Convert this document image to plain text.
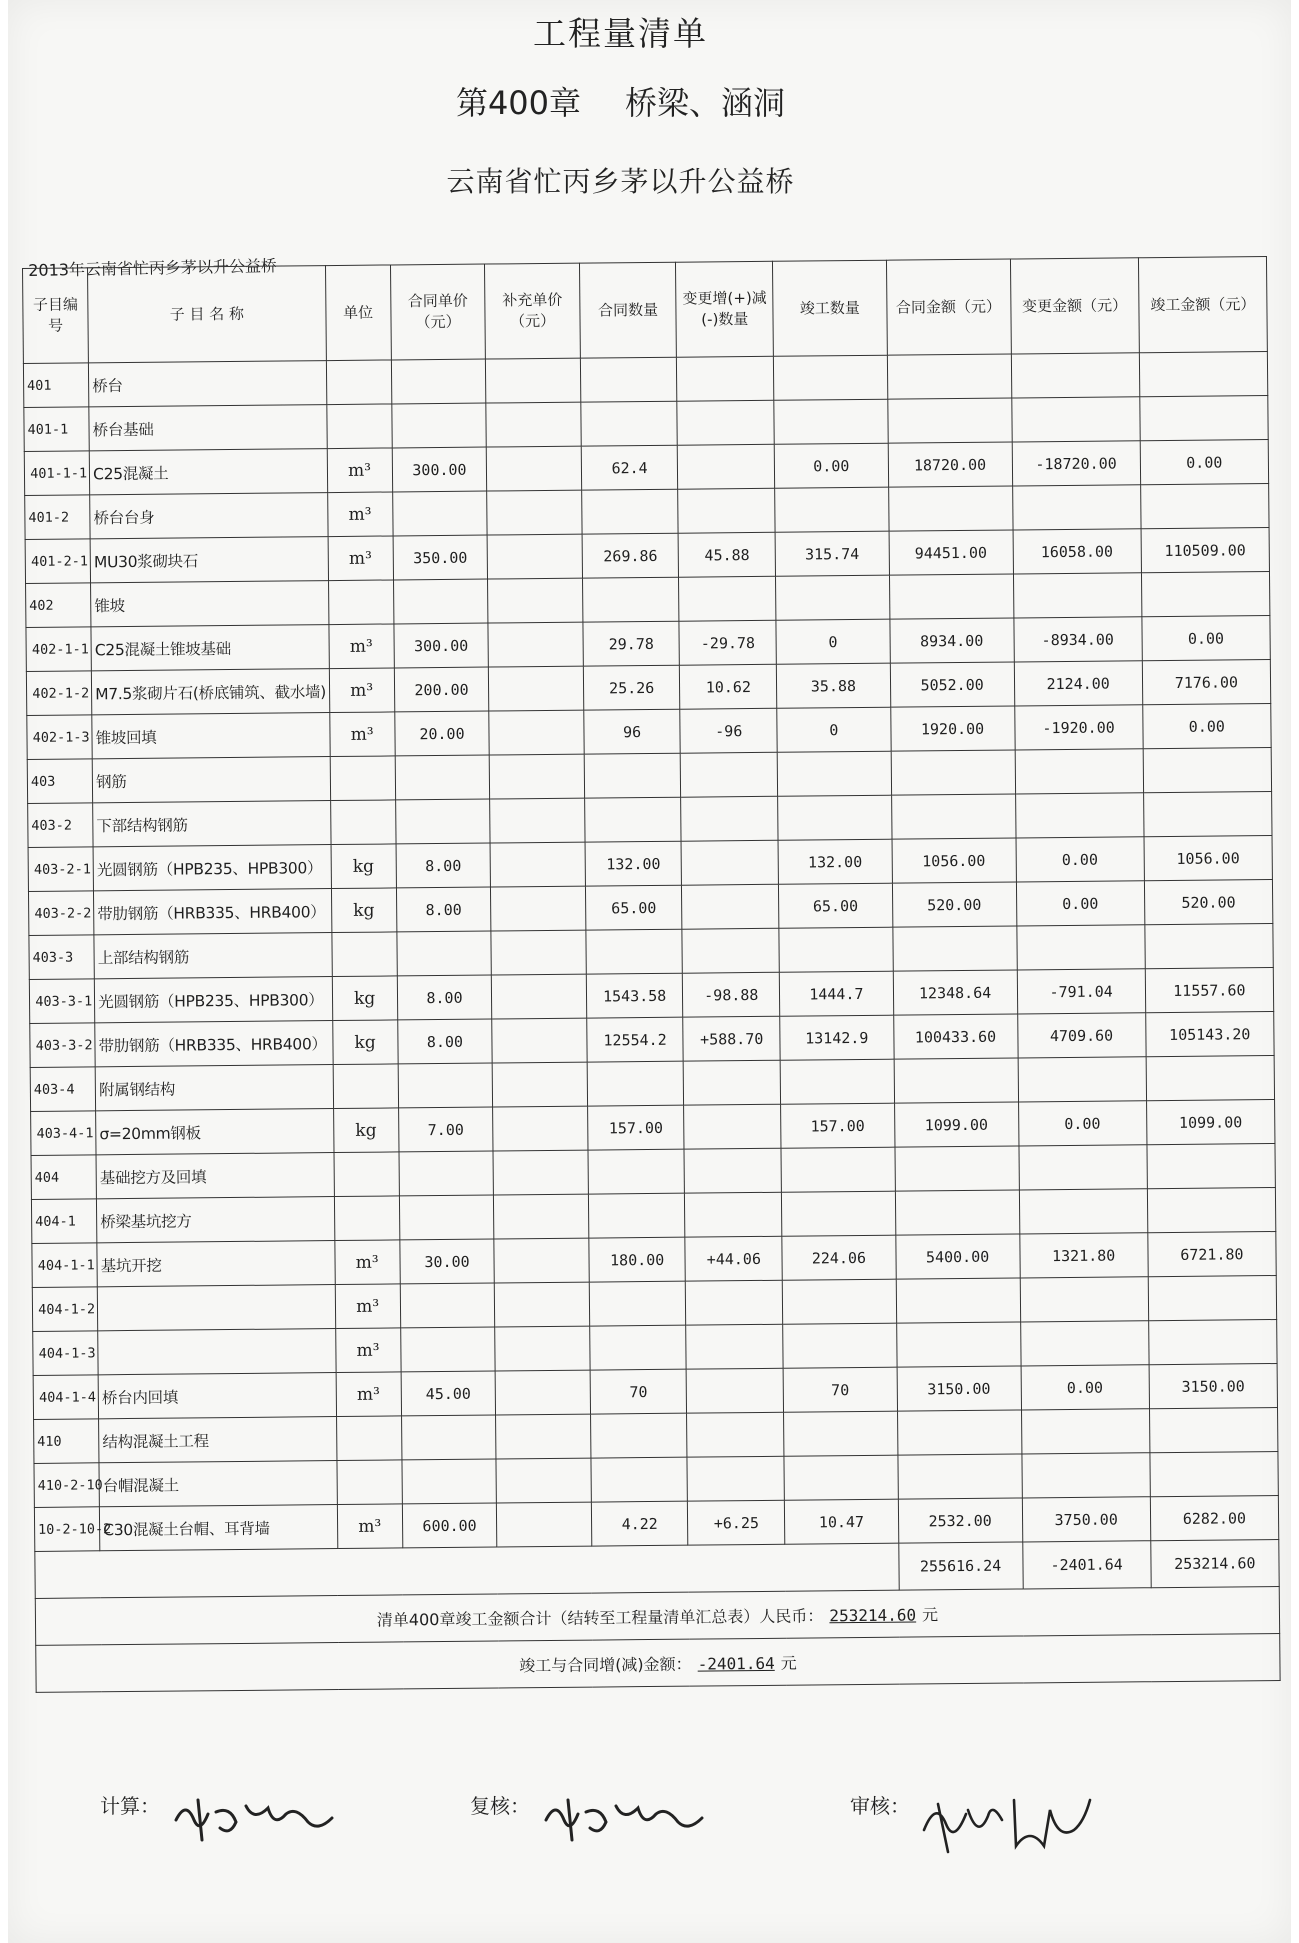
工程量清单
第400章 桥梁、涵洞
云南省忙丙乡茅以升公益桥
2013年云南省忙丙乡茅以升公益桥
子目编号	子 目 名 称	单位	合同单价（元）	补充单价（元）	合同数量	变更增(+)减(-)数量	竣工数量	合同金额（元）	变更金额（元）	竣工金额（元）
401	桥台									
401-1	桥台基础									
401-1-1	C25混凝土	m³	300.00		62.4		0.00	18720.00	-18720.00	0.00
401-2	桥台台身	m³								
401-2-1	MU30浆砌块石	m³	350.00		269.86	45.88	315.74	94451.00	16058.00	110509.00
402	锥坡									
402-1-1	C25混凝土锥坡基础	m³	300.00		29.78	-29.78	0	8934.00	-8934.00	0.00
402-1-2	M7.5浆砌片石(桥底铺筑、截水墙)	m³	200.00		25.26	10.62	35.88	5052.00	2124.00	7176.00
402-1-3	锥坡回填	m³	20.00		96	-96	0	1920.00	-1920.00	0.00
403	钢筋									
403-2	下部结构钢筋									
403-2-1	光圆钢筋（HPB235、HPB300）	kg	8.00		132.00		132.00	1056.00	0.00	1056.00
403-2-2	带肋钢筋（HRB335、HRB400）	kg	8.00		65.00		65.00	520.00	0.00	520.00
403-3	上部结构钢筋									
403-3-1	光圆钢筋（HPB235、HPB300）	kg	8.00		1543.58	-98.88	1444.7	12348.64	-791.04	11557.60
403-3-2	带肋钢筋（HRB335、HRB400）	kg	8.00		12554.2	+588.70	13142.9	100433.60	4709.60	105143.20
403-4	附属钢结构									
403-4-1	σ=20mm钢板	kg	7.00		157.00		157.00	1099.00	0.00	1099.00
404	基础挖方及回填									
404-1	桥梁基坑挖方									
404-1-1	基坑开挖	m³	30.00		180.00	+44.06	224.06	5400.00	1321.80	6721.80
404-1-2		m³								
404-1-3		m³								
404-1-4	桥台内回填	m³	45.00		70		70	3150.00	0.00	3150.00
410	结构混凝土工程									
410-2-10	台帽混凝土									
10-2-10-2	C30混凝土台帽、耳背墙	m³	600.00		4.22	+6.25	10.47	2532.00	3750.00	6282.00
								255616.24	-2401.64	253214.60
清单400章竣工金额合计（结转至工程量清单汇总表）人民币： 253214.60 元										
竣工与合同增(减)金额： -2401.64 元										
计算：	复核：	审核：
